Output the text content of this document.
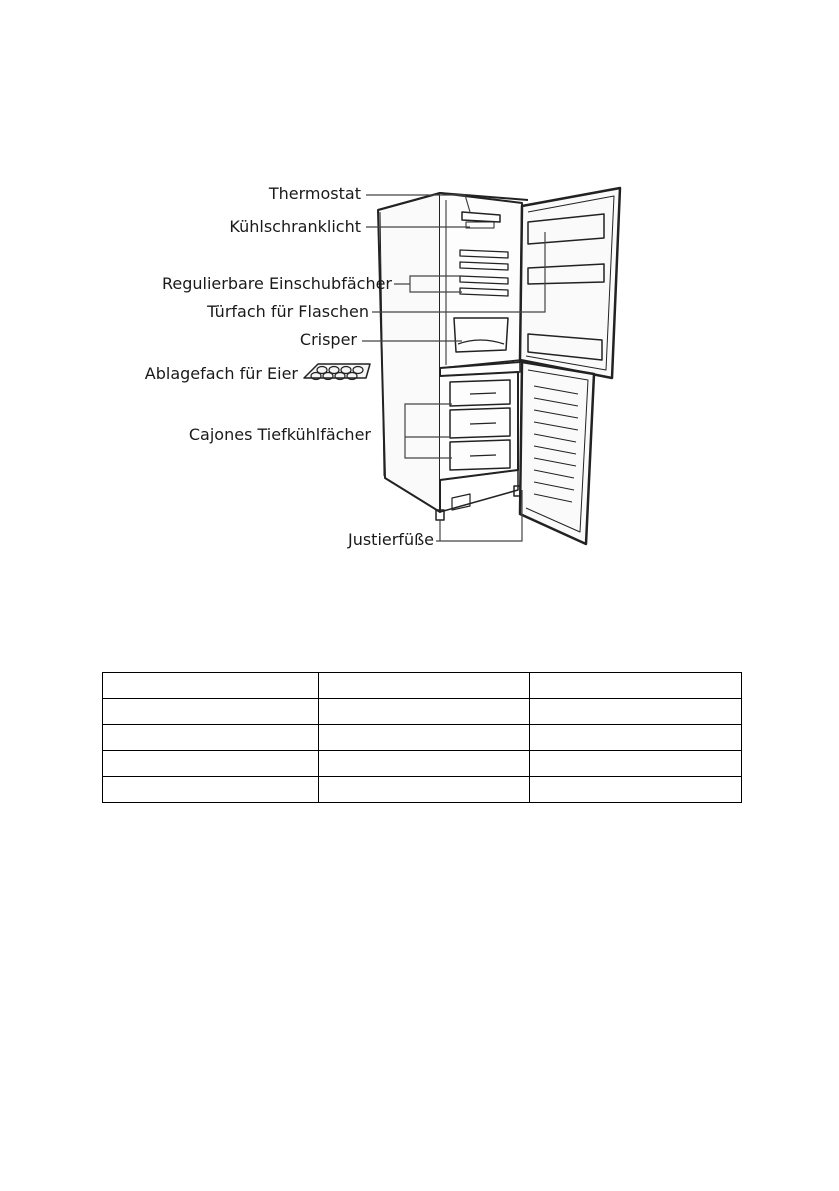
Thermostat
Kühlschranklicht
Regulierbare Einschubfächer
Türfach für Flaschen
Crisper
Ablagefach für Eier
Cajones Tiefkühlfächer
Justierfüße
